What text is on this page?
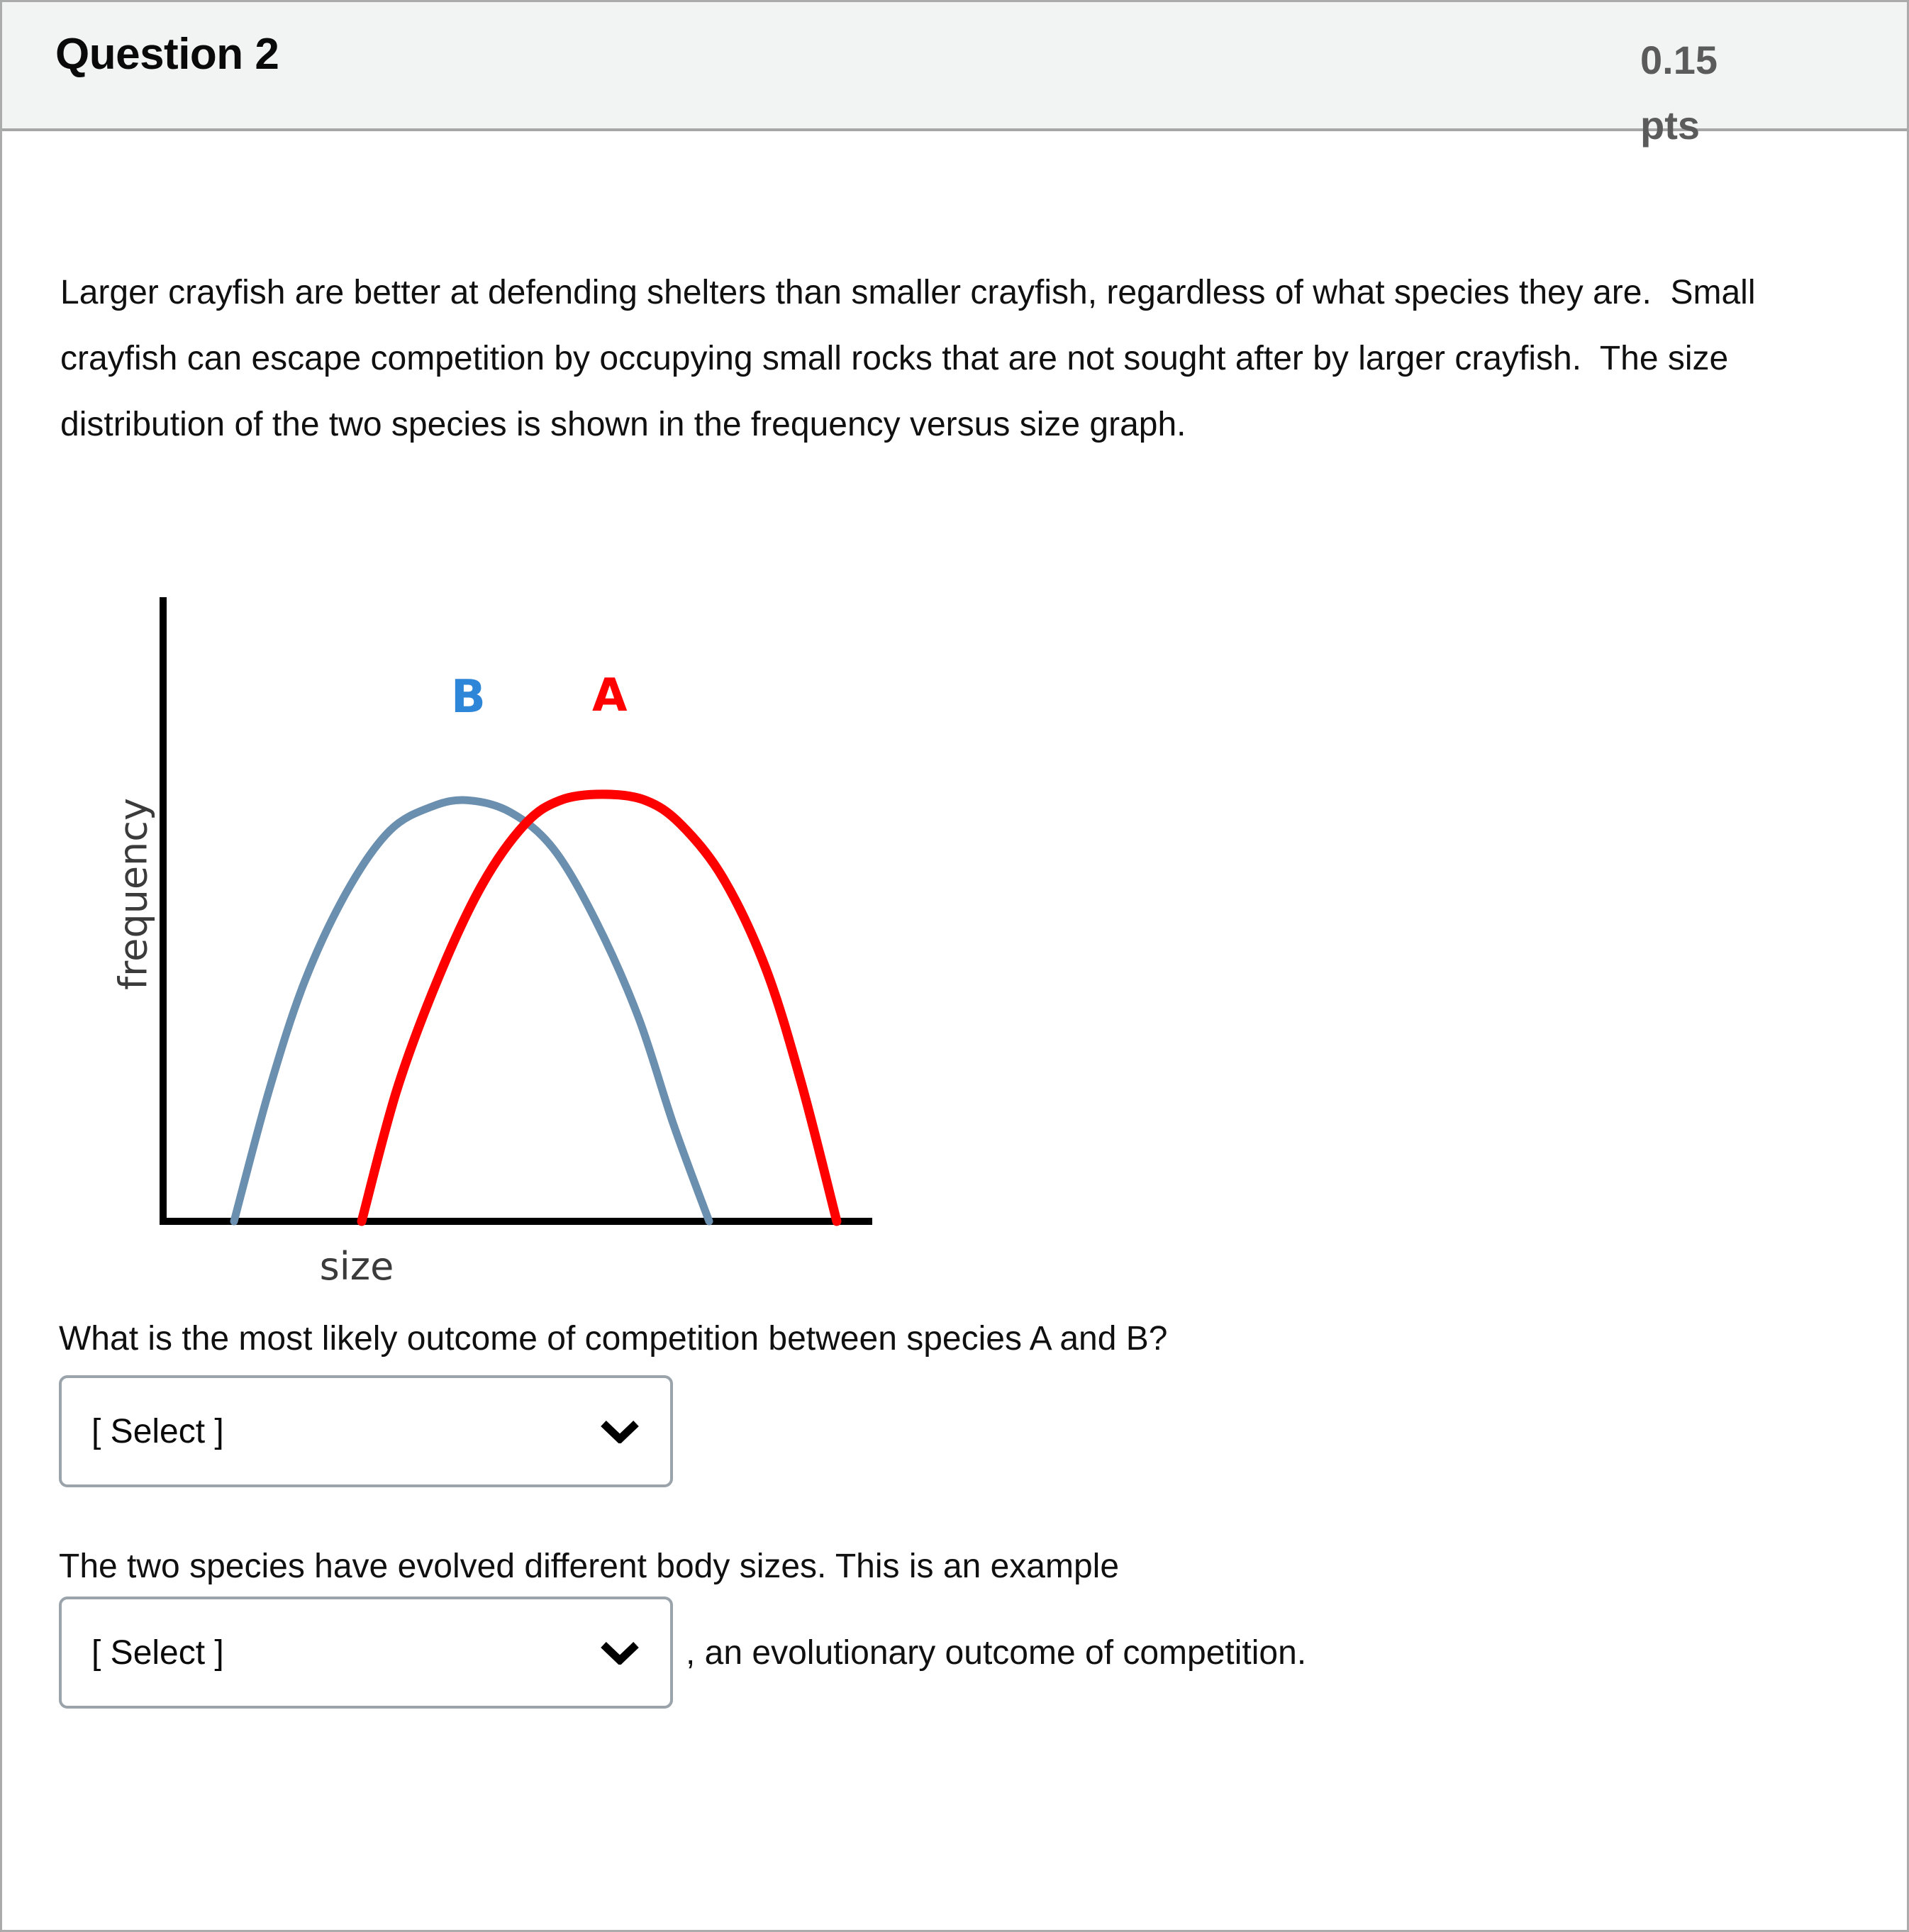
Question 2	0.15
pts
Larger crayfish are better at defending shelters than smaller crayfish, regardless of what species they are.  Small crayfish can escape competition by occupying small rocks that are not sought after by larger crayfish.  The size distribution of the two species is shown in the frequency versus size graph.
B A
frequency
size
What is the most likely outcome of competition between species A and B?
[ Select ]
The two species have evolved different body sizes. This is an example
[ Select ]	, an evolutionary outcome of competition.
